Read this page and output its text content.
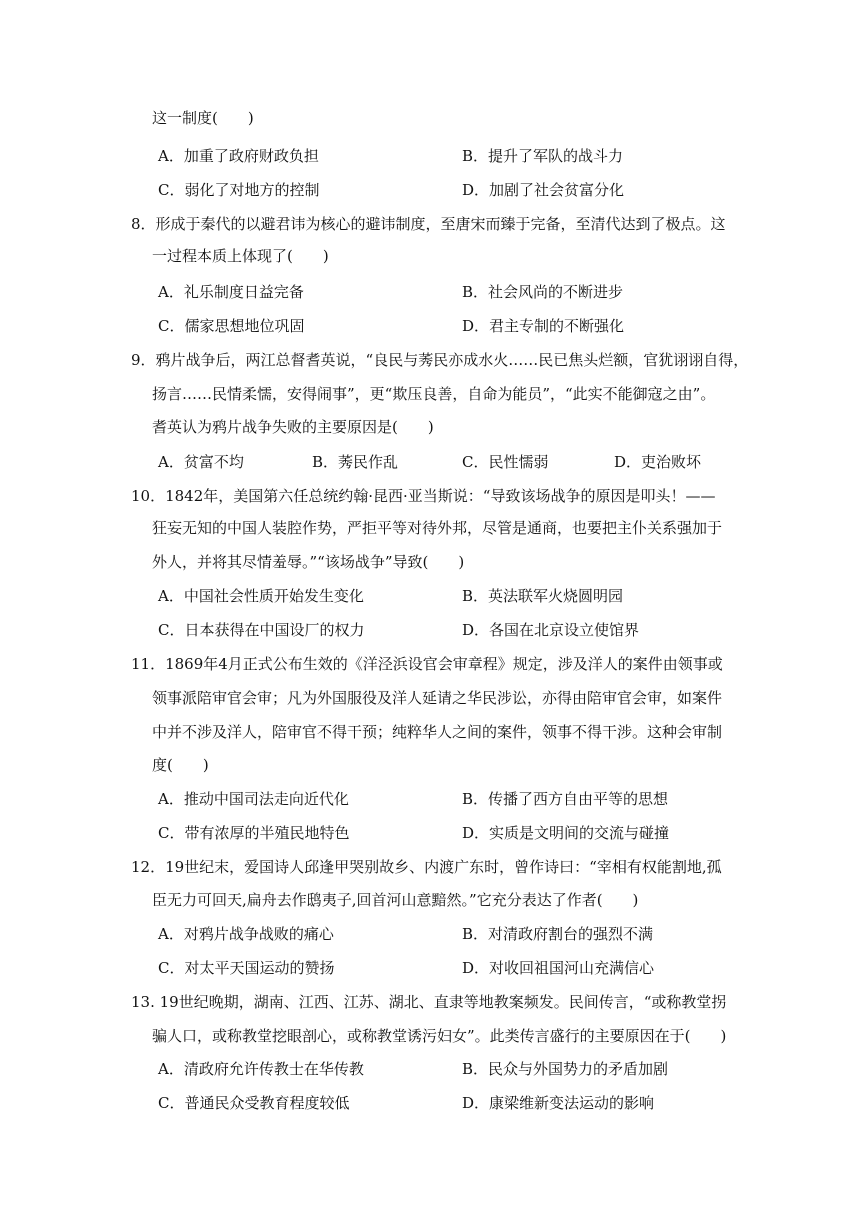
这一制度(　　)
A．加重了政府财政负担	B．提升了军队的战斗力
C．弱化了对地方的控制	D．加剧了社会贫富分化
8．形成于秦代的以避君讳为核心的避讳制度，至唐宋而臻于完备，至清代达到了极点。这
一过程本质上体现了(　　)
A．礼乐制度日益完备	B．社会风尚的不断进步
C．儒家思想地位巩固	D．君主专制的不断强化
9．鸦片战争后，两江总督耆英说，“良民与莠民亦成水火……民已焦头烂额，官犹诩诩自得，
扬言……民情柔懦，安得闹事”，更“欺压良善，自命为能员”，“此实不能御寇之由”。
耆英认为鸦片战争失败的主要原因是(　　)
A．贫富不均	B．莠民作乱	C．民性懦弱	D．吏治败坏
10．1842年，美国第六任总统约翰·昆西·亚当斯说：“导致该场战争的原因是叩头！——
狂妄无知的中国人装腔作势，严拒平等对待外邦，尽管是通商，也要把主仆关系强加于
外人，并将其尽情羞辱。”“该场战争”导致(　　)
A．中国社会性质开始发生变化	B．英法联军火烧圆明园
C．日本获得在中国设厂的权力	D．各国在北京设立使馆界
11．1869年4月正式公布生效的《洋泾浜设官会审章程》规定，涉及洋人的案件由领事或
领事派陪审官会审；凡为外国服役及洋人延请之华民涉讼，亦得由陪审官会审，如案件
中并不涉及洋人，陪审官不得干预；纯粹华人之间的案件，领事不得干涉。这种会审制
度(　　)
A．推动中国司法走向近代化	B．传播了西方自由平等的思想
C．带有浓厚的半殖民地特色	D．实质是文明间的交流与碰撞
12．19世纪末，爱国诗人邱逢甲哭别故乡、内渡广东时，曾作诗曰：“宰相有权能割地,孤
臣无力可回天,扁舟去作鸱夷子,回首河山意黯然。”它充分表达了作者(　　)
A．对鸦片战争战败的痛心	B．对清政府割台的强烈不满
C．对太平天国运动的赞扬	D．对收回祖国河山充满信心
13. 19世纪晚期，湖南、江西、江苏、湖北、直隶等地教案频发。民间传言，“或称教堂拐
骗人口，或称教堂挖眼剖心，或称教堂诱污妇女”。此类传言盛行的主要原因在于(　　)
A．清政府允许传教士在华传教	B．民众与外国势力的矛盾加剧
C．普通民众受教育程度较低	D．康梁维新变法运动的影响
